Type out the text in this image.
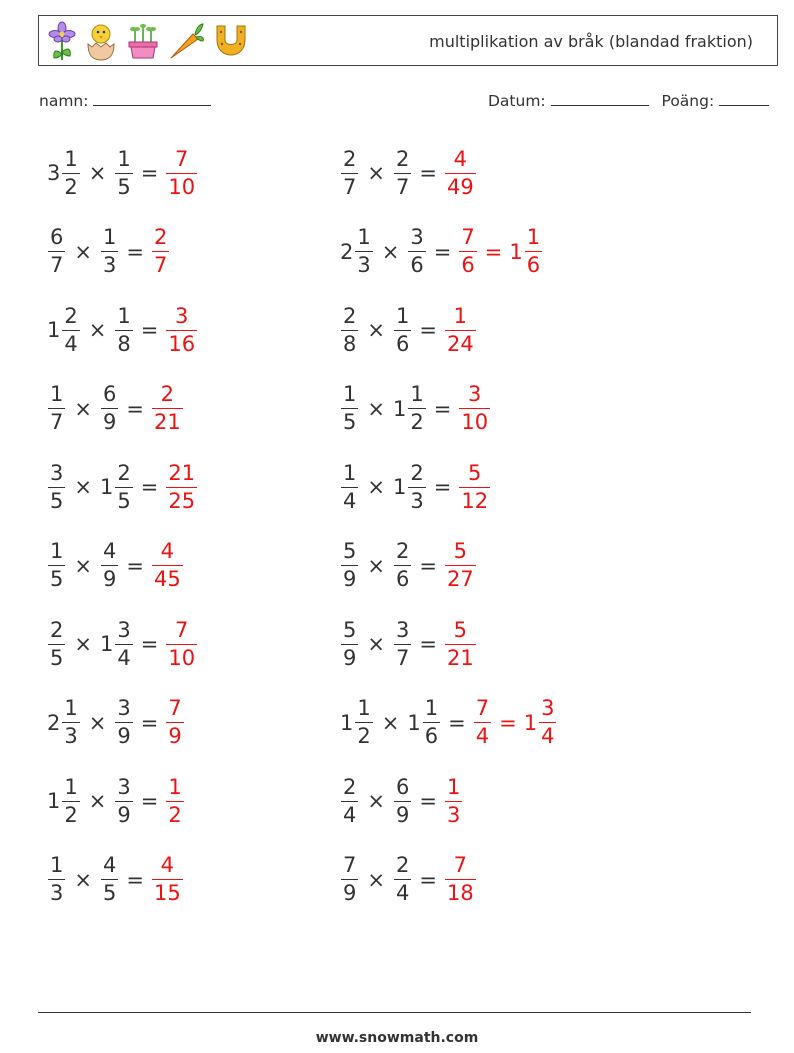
multiplikation av bråk (blandad fraktion)
namn:	Datum:	Poäng:
$3 \frac{1}{2} \times \frac{1}{5} = \frac{7}{10}$	$\frac{2}{7} \times \frac{2}{7} = \frac{4}{49}$
$\frac{6}{7} \times \frac{1}{3} = \frac{2}{7}$	$2 \frac{1}{3} \times \frac{3}{6} = \frac{7}{6} = 1 \frac{1}{6}$
$1 \frac{2}{4} \times \frac{1}{8} = \frac{3}{16}$	$\frac{2}{8} \times \frac{1}{6} = \frac{1}{24}$
$\frac{1}{7} \times \frac{6}{9} = \frac{2}{21}$	$\frac{1}{5} \times 1 \frac{1}{2} = \frac{3}{10}$
$\frac{3}{5} \times 1 \frac{2}{5} = \frac{21}{25}$	$\frac{1}{4} \times 1 \frac{2}{3} = \frac{5}{12}$
$\frac{1}{5} \times \frac{4}{9} = \frac{4}{45}$	$\frac{5}{9} \times \frac{2}{6} = \frac{5}{27}$
$\frac{2}{5} \times 1 \frac{3}{4} = \frac{7}{10}$	$\frac{5}{9} \times \frac{3}{7} = \frac{5}{21}$
$2 \frac{1}{3} \times \frac{3}{9} = \frac{7}{9}$	$1 \frac{1}{2} \times 1 \frac{1}{6} = \frac{7}{4} = 1 \frac{3}{4}$
$1 \frac{1}{2} \times \frac{3}{9} = \frac{1}{2}$	$\frac{2}{4} \times \frac{6}{9} = \frac{1}{3}$
$\frac{1}{3} \times \frac{4}{5} = \frac{4}{15}$	$\frac{7}{9} \times \frac{2}{4} = \frac{7}{18}$
www.snowmath.com
